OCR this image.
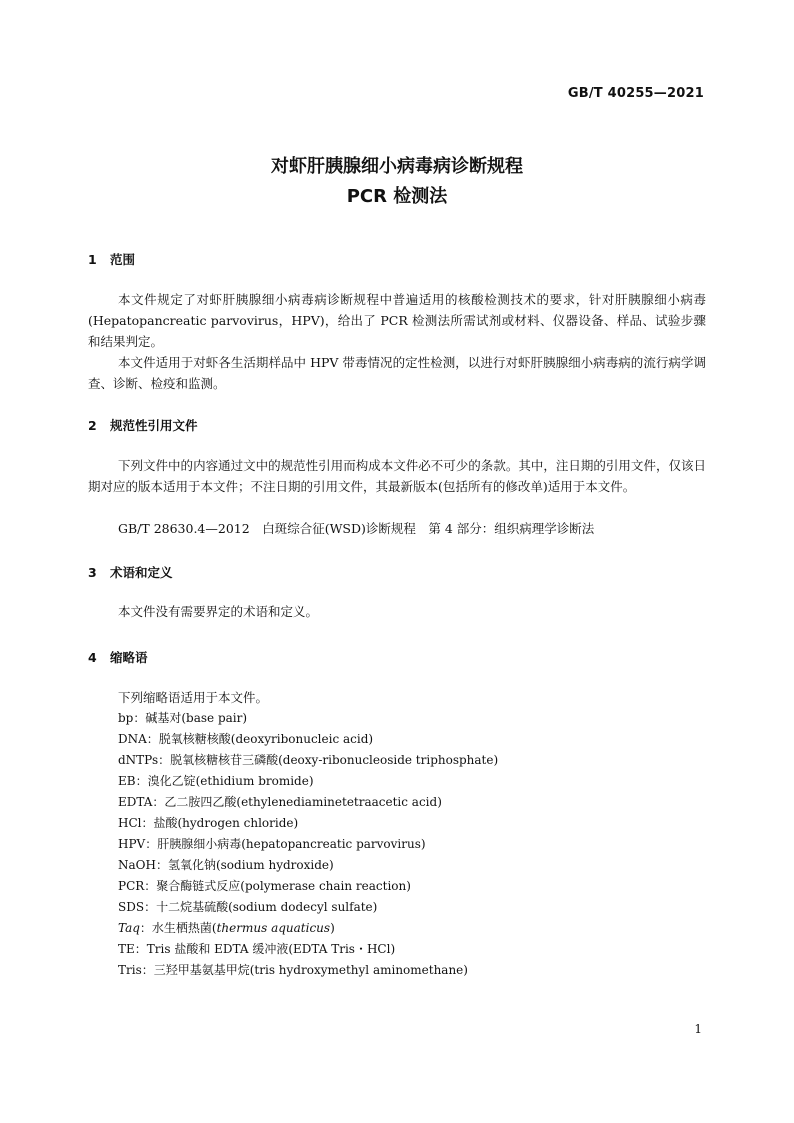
GB/T 40255—2021
对虾肝胰腺细小病毒病诊断规程
PCR 检测法
1 范围
本文件规定了对虾肝胰腺细小病毒病诊断规程中普遍适用的核酸检测技术的要求，针对肝胰腺细小病毒(Hepatopancreatic parvovirus，HPV)，给出了 PCR 检测法所需试剂或材料、仪器设备、样品、试验步骤和结果判定。
本文件适用于对虾各生活期样品中 HPV 带毒情况的定性检测，以进行对虾肝胰腺细小病毒病的流行病学调查、诊断、检疫和监测。
2 规范性引用文件
下列文件中的内容通过文中的规范性引用而构成本文件必不可少的条款。其中，注日期的引用文件，仅该日期对应的版本适用于本文件；不注日期的引用文件，其最新版本(包括所有的修改单)适用于本文件。
GB/T 28630.4—2012　白斑综合征(WSD)诊断规程　第 4 部分：组织病理学诊断法
3 术语和定义
本文件没有需要界定的术语和定义。
4 缩略语
下列缩略语适用于本文件。
bp：碱基对(base pair)
DNA：脱氧核糖核酸(deoxyribonucleic acid)
dNTPs：脱氧核糖核苷三磷酸(deoxy-ribonucleoside triphosphate)
EB：溴化乙锭(ethidium bromide)
EDTA：乙二胺四乙酸(ethylenediaminetetraacetic acid)
HCl：盐酸(hydrogen chloride)
HPV：肝胰腺细小病毒(hepatopancreatic parvovirus)
NaOH：氢氧化钠(sodium hydroxide)
PCR：聚合酶链式反应(polymerase chain reaction)
SDS：十二烷基硫酸(sodium dodecyl sulfate)
Taq：水生栖热菌(thermus aquaticus)
TE：Tris 盐酸和 EDTA 缓冲液(EDTA Tris・HCl)
Tris：三羟甲基氨基甲烷(tris hydroxymethyl aminomethane)
1
